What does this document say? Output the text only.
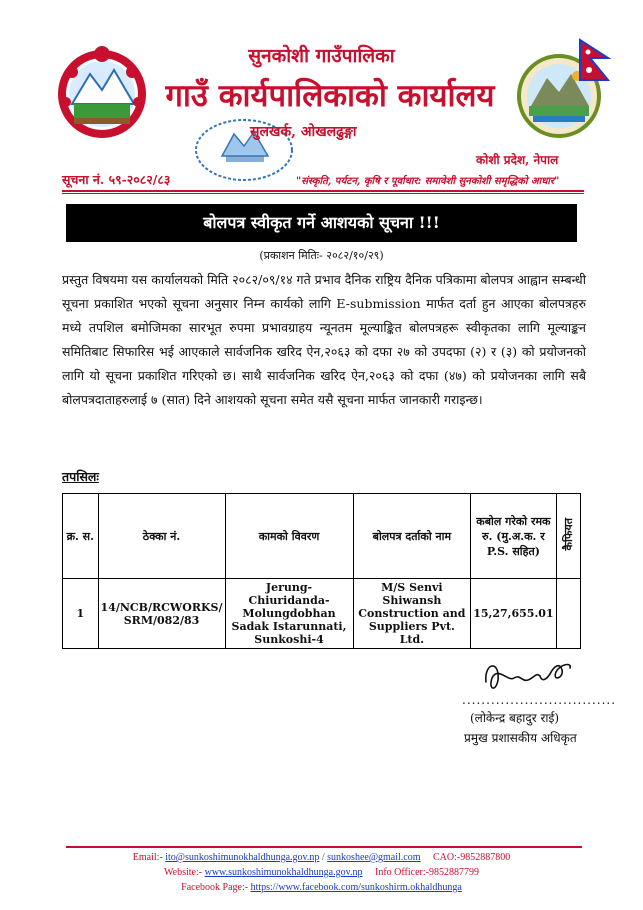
सुनकोशी गाउँपालिका
गाउँ कार्यपालिकाको कार्यालय
सुलखर्क, ओखलढुङ्गा
कोशी प्रदेश, नेपाल
सूचना नं. ५९-२०८२/८३	"संस्कृति, पर्यटन, कृषि र पूर्वाधार: समावेशी सुनकोशी समृद्धिको आधार"
बोलपत्र स्वीकृत गर्ने आशयको सूचना !!!
(प्रकाशन मितिः- २०८२/१०/२९)
प्रस्तुत विषयमा यस कार्यालयको मिति २०८२/०९/१४ गते प्रभाव दैनिक राष्ट्रिय दैनिक पत्रिकामा बोलपत्र आह्वान सम्बन्धी सूचना प्रकाशित भएको सूचना अनुसार निम्न कार्यको लागि E-submission मार्फत दर्ता हुन आएका बोलपत्रहरु मध्ये तपशिल बमोजिमका सारभूत रुपमा प्रभावग्राहय न्यूनतम मूल्याङ्कित बोलपत्रहरू स्वीकृतका लागि मूल्याङ्कन समितिबाट सिफारिस भई आएकाले सार्वजनिक खरिद ऐन,२०६३ को दफा २७ को उपदफा (२) र (३) को प्रयोजनको लागि यो सूचना प्रकाशित गरिएको छ। साथै सार्वजनिक खरिद ऐन,२०६३ को दफा (४७) को प्रयोजनका लागि सबै बोलपत्रदाताहरुलाई ७ (सात) दिने आशयको सूचना समेत यसै सूचना मार्फत जानकारी गराइन्छ।
तपसिलः
क्र. स.	ठेक्का नं.	कामको विवरण	बोलपत्र दर्ताको नाम	कबोल गरेको रमक रु. (मु.अ.क. र P.S. सहित)	कैफियत
1	14/NCB/RCWORKS/ SRM/082/83	Jerung-Chiuridanda-Molungdobhan Sadak Istarunnati, Sunkoshi-4	M/S Senvi Shiwansh Construction and Suppliers Pvt. Ltd.	15,27,655.01	
................................
(लोकेन्द्र बहादुर राई)
प्रमुख प्रशासकीय अधिकृत
Email:- ito@sunkoshimunokhaldhunga.gov.np / sunkoshee@gmail.com CAO:-9852887800
Website:- www.sunkoshimunokhaldhunga.gov.np Info Officer:-9852887799
Facebook Page:- https://www.facebook.com/sunkoshirm.okhaldhunga
